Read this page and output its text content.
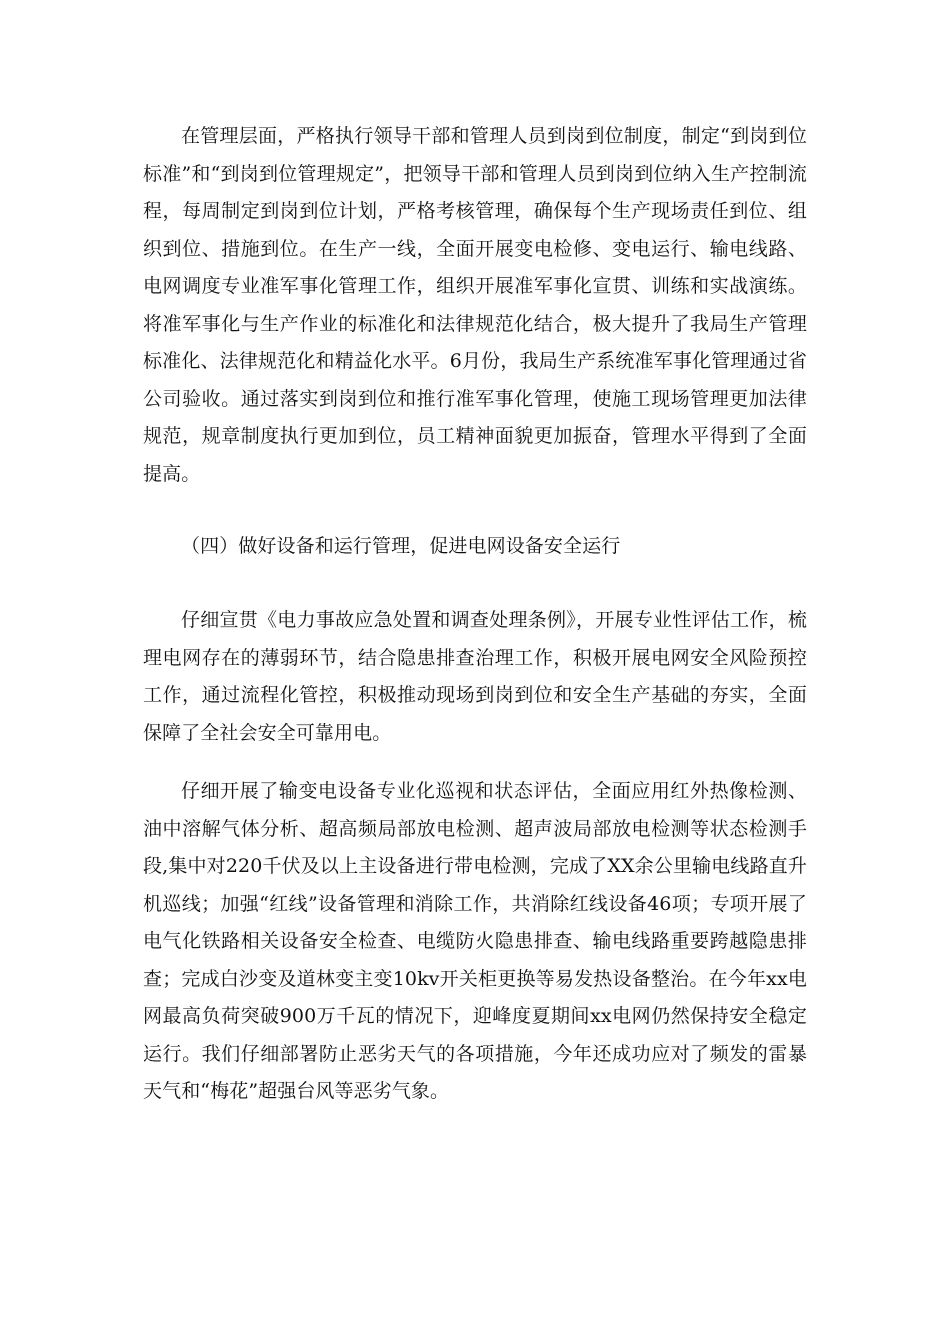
在管理层面，严格执行领导干部和管理人员到岗到位制度，制定“到岗到位标准”和“到岗到位管理规定”，把领导干部和管理人员到岗到位纳入生产控制流程，每周制定到岗到位计划，严格考核管理，确保每个生产现场责任到位、组织到位、措施到位。在生产一线，全面开展变电检修、变电运行、输电线路、电网调度专业准军事化管理工作，组织开展准军事化宣贯、训练和实战演练。将准军事化与生产作业的标准化和法律规范化结合，极大提升了我局生产管理标准化、法律规范化和精益化水平。6月份，我局生产系统准军事化管理通过省公司验收。通过落实到岗到位和推行准军事化管理，使施工现场管理更加法律规范，规章制度执行更加到位，员工精神面貌更加振奋，管理水平得到了全面提高。

（四）做好设备和运行管理，促进电网设备安全运行

仔细宣贯《电力事故应急处置和调查处理条例》，开展专业性评估工作，梳理电网存在的薄弱环节，结合隐患排查治理工作，积极开展电网安全风险预控工作，通过流程化管控，积极推动现场到岗到位和安全生产基础的夯实，全面保障了全社会安全可靠用电。

仔细开展了输变电设备专业化巡视和状态评估，全面应用红外热像检测、油中溶解气体分析、超高频局部放电检测、超声波局部放电检测等状态检测手段,集中对220千伏及以上主设备进行带电检测，完成了XX余公里输电线路直升机巡线；加强“红线”设备管理和消除工作，共消除红线设备46项；专项开展了电气化铁路相关设备安全检查、电缆防火隐患排查、输电线路重要跨越隐患排查；完成白沙变及道林变主变10kv开关柜更换等易发热设备整治。在今年xx电网最高负荷突破900万千瓦的情况下，迎峰度夏期间xx电网仍然保持安全稳定运行。我们仔细部署防止恶劣天气的各项措施，今年还成功应对了频发的雷暴天气和“梅花”超强台风等恶劣气象。
